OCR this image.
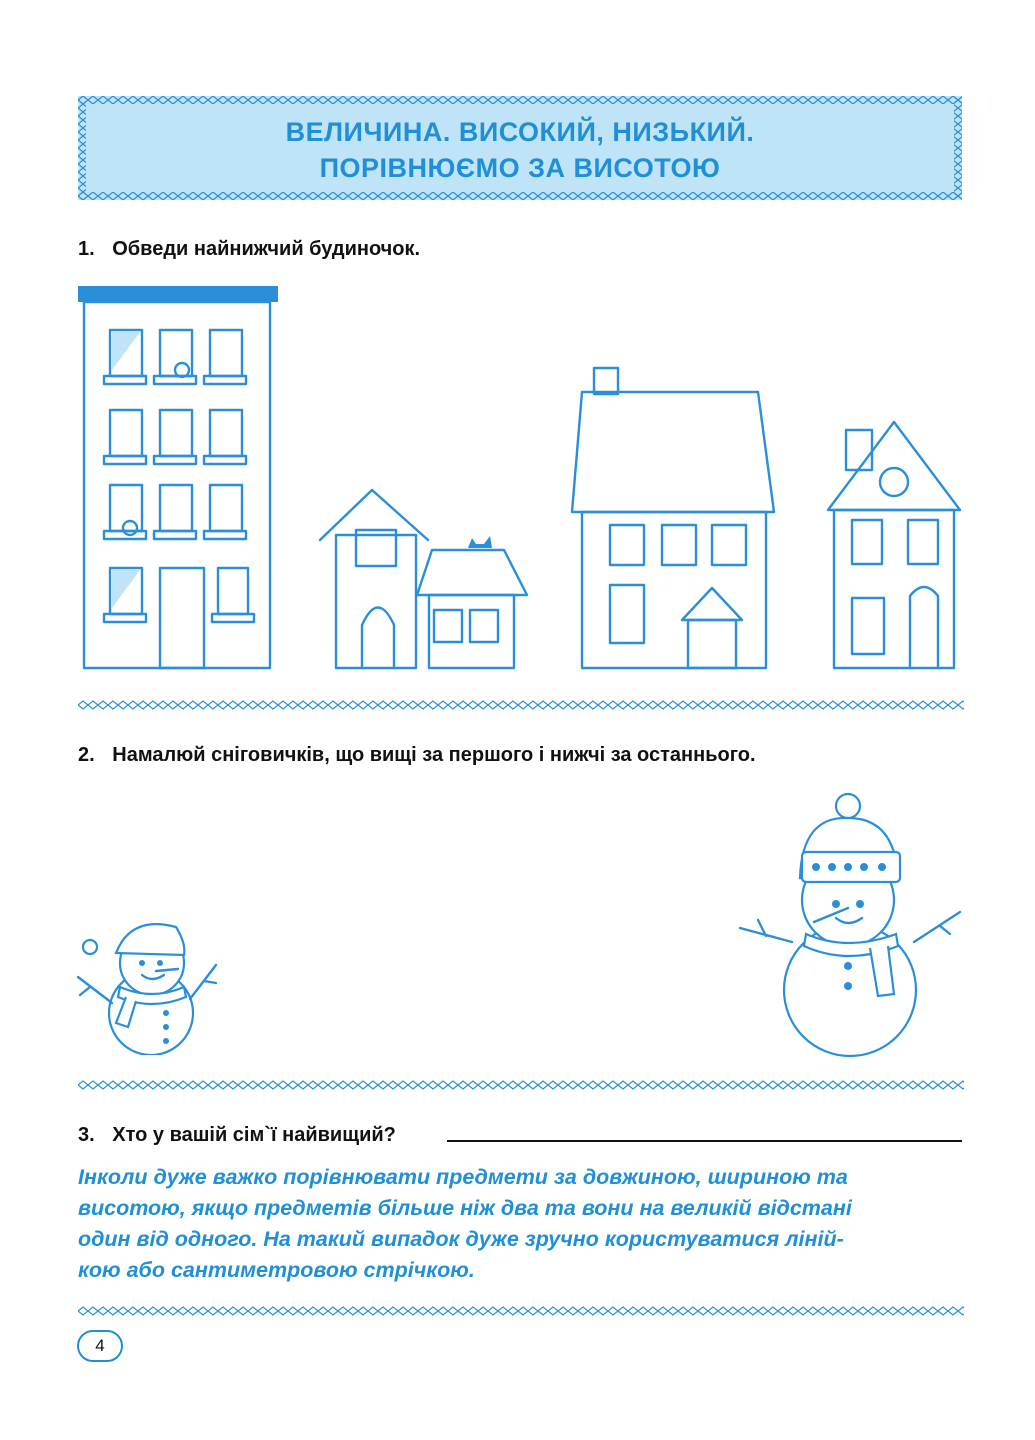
ВЕЛИЧИНА. ВИСОКИЙ, НИЗЬКИЙ.
ПОРІВНЮЄМО ЗА ВИСОТОЮ
1. Обведи найнижчий будиночок.
2. Намалюй сніговичків, що вищі за першого і нижчі за останнього.
3. Хто у вашій сім`ї найвищий?
Інколи дуже важко порівнювати предмети за довжиною, шириною та
висотою, якщо предметів більше ніж два та вони на великій відстані
один від одного. На такий випадок дуже зручно користуватися ліній-
кою або сантиметровою стрічкою.
4
